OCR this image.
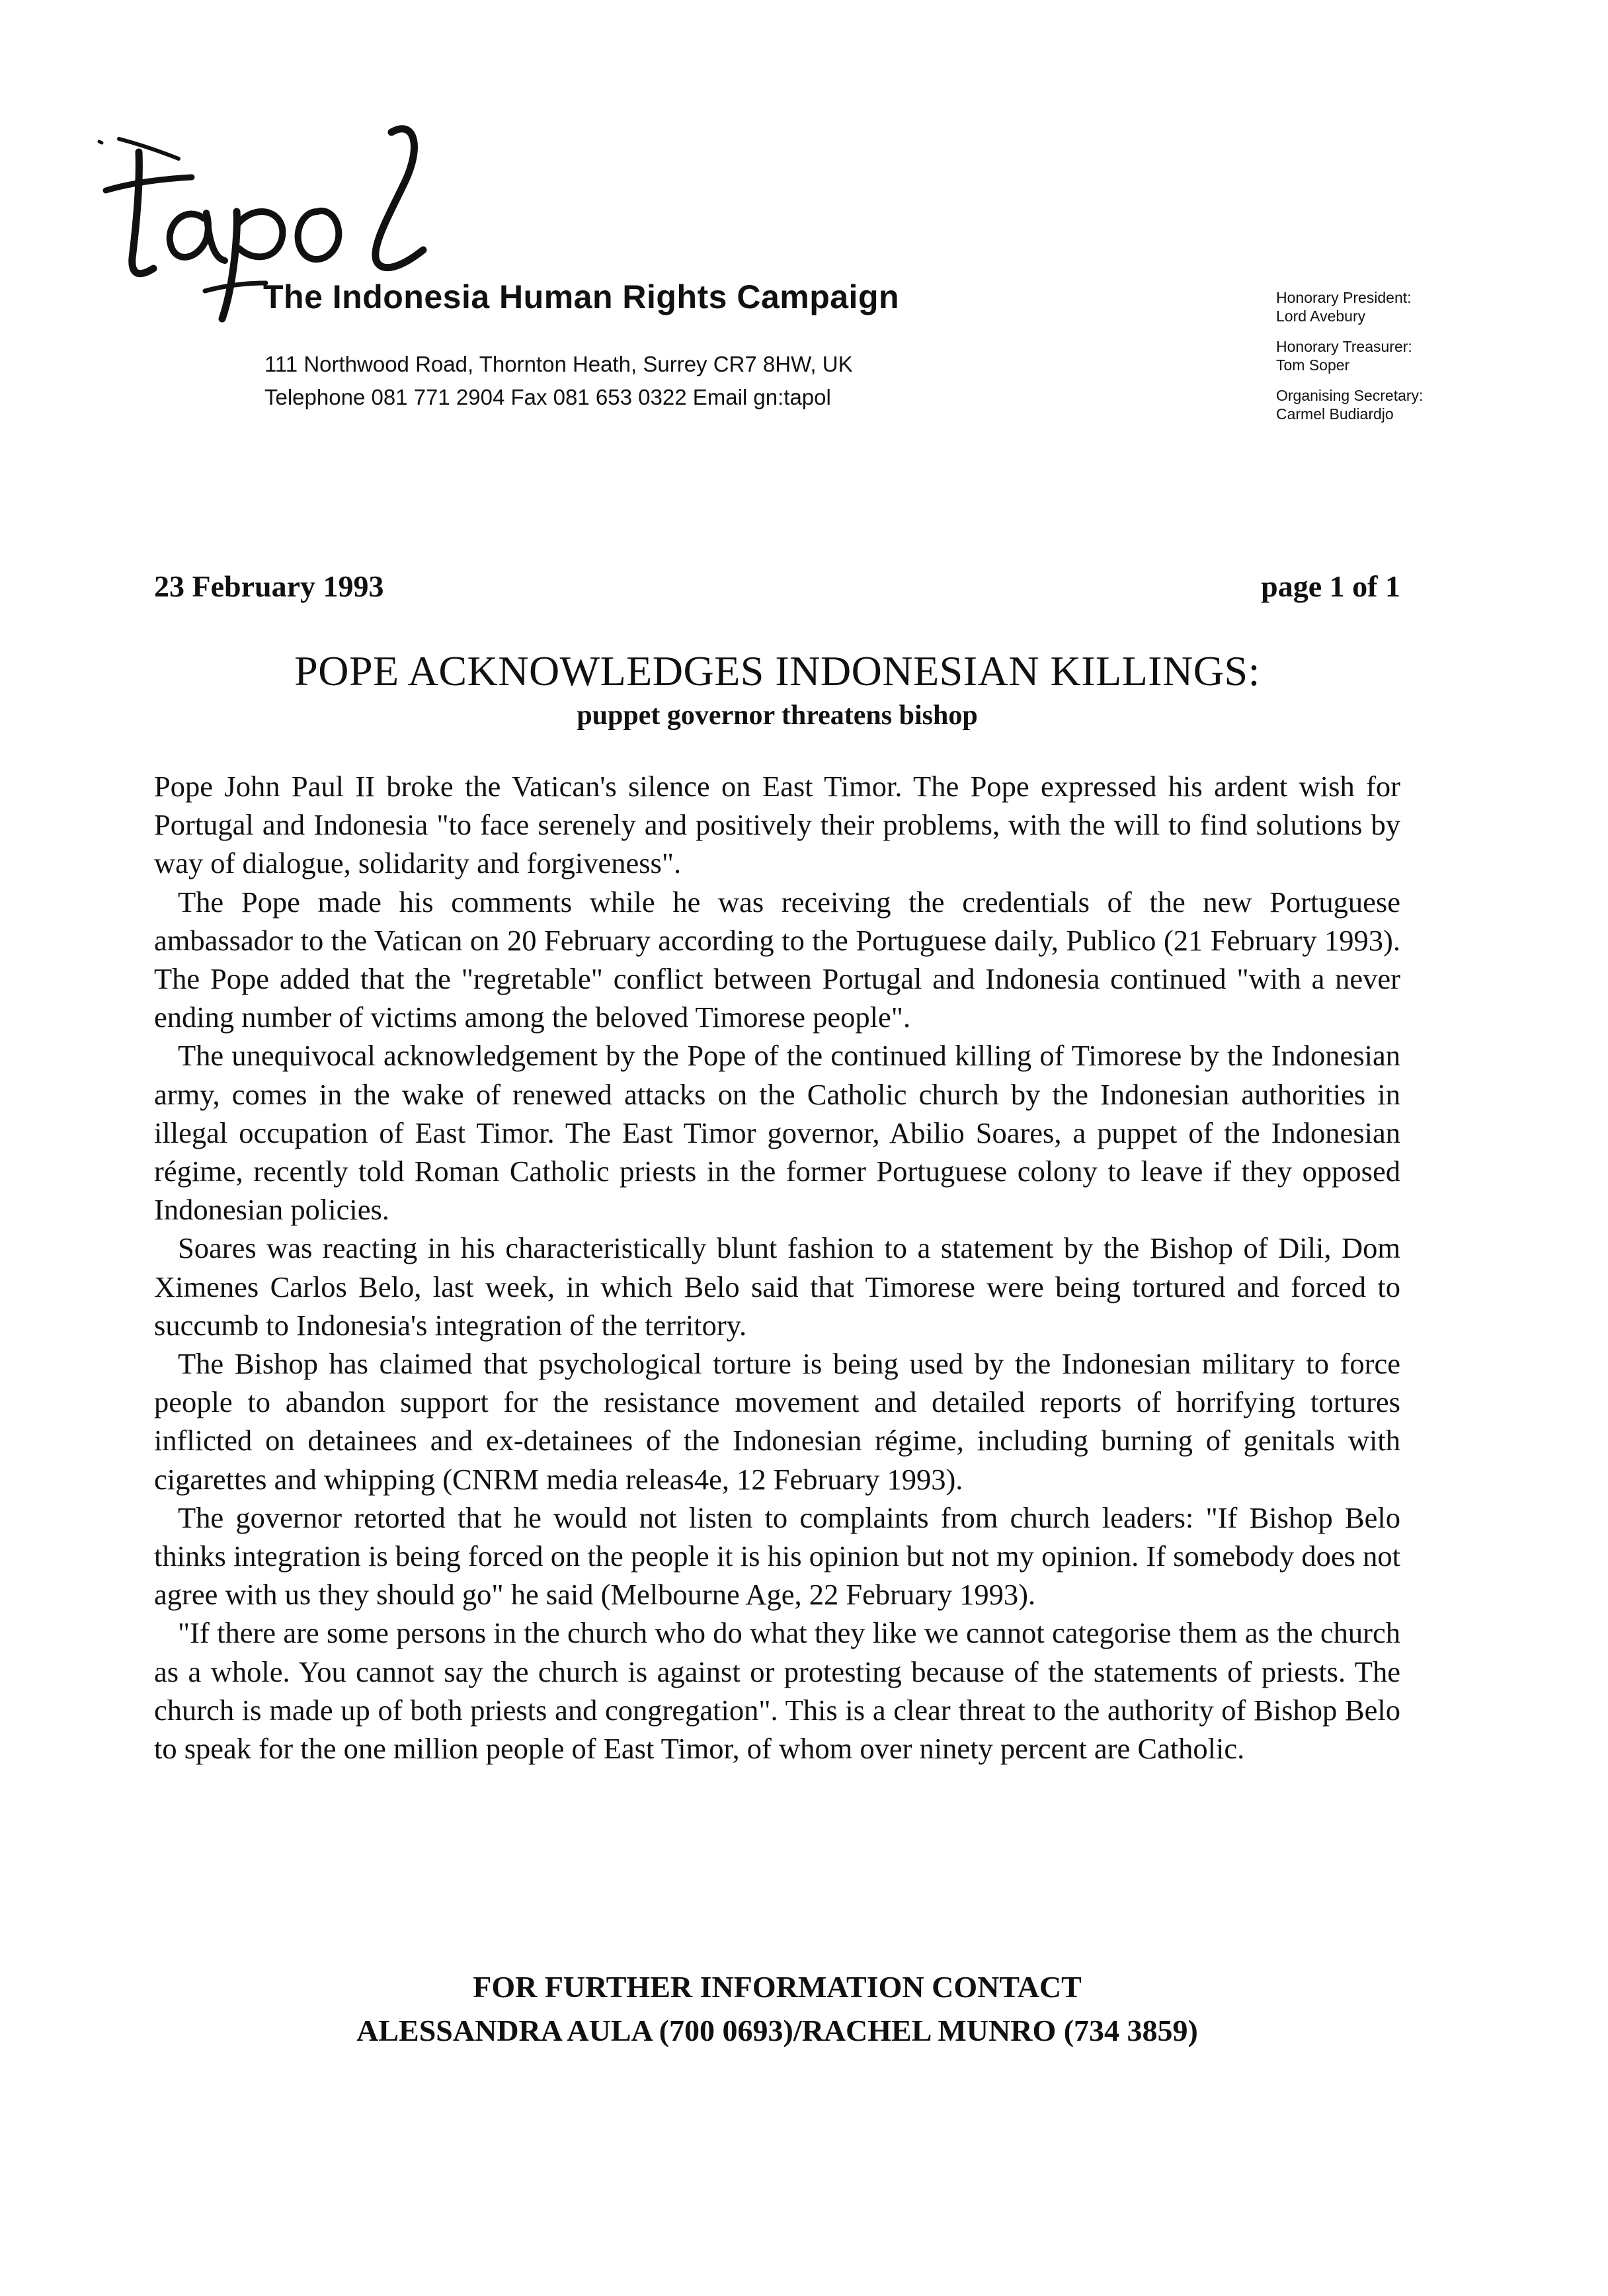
The Indonesia Human Rights Campaign
111 Northwood Road, Thornton Heath, Surrey CR7 8HW, UK
Telephone 081 771 2904 Fax 081 653 0322 Email gn:tapol
Honorary President:
Lord Avebury
Honorary Treasurer:
Tom Soper
Organising Secretary:
Carmel Budiardjo
23 February 1993	page 1 of 1
POPE ACKNOWLEDGES INDONESIAN KILLINGS:
puppet governor threatens bishop

Pope John Paul II broke the Vatican's silence on East Timor. The Pope expressed his ardent wish for Portugal and Indonesia "to face serenely and positively their problems, with the will to find solutions by way of dialogue, solidarity and forgiveness".

The Pope made his comments while he was receiving the credentials of the new Portuguese ambassador to the Vatican on 20 February according to the Portuguese daily, Publico (21 February 1993). The Pope added that the "regretable" conflict between Portugal and Indonesia continued "with a never ending number of victims among the beloved Timorese people".

The unequivocal acknowledgement by the Pope of the continued killing of Timorese by the Indonesian army, comes in the wake of renewed attacks on the Catholic church by the Indonesian authorities in illegal occupation of East Timor. The East Timor governor, Abilio Soares, a puppet of the Indonesian régime, recently told Roman Catholic priests in the former Portuguese colony to leave if they opposed Indonesian policies.

Soares was reacting in his characteristically blunt fashion to a statement by the Bishop of Dili, Dom Ximenes Carlos Belo, last week, in which Belo said that Timorese were being tortured and forced to succumb to Indonesia's integration of the territory.

The Bishop has claimed that psychological torture is being used by the Indonesian military to force people to abandon support for the resistance movement and detailed reports of horrifying tortures inflicted on detainees and ex-detainees of the Indonesian régime, including burning of genitals with cigarettes and whipping (CNRM media releas4e, 12 February 1993).

The governor retorted that he would not listen to complaints from church leaders: "If Bishop Belo thinks integration is being forced on the people it is his opinion but not my opinion. If somebody does not agree with us they should go" he said (Melbourne Age, 22 February 1993).

"If there are some persons in the church who do what they like we cannot categorise them as the church as a whole. You cannot say the church is against or protesting because of the statements of priests. The church is made up of both priests and congregation". This is a clear threat to the authority of Bishop Belo to speak for the one million people of East Timor, of whom over ninety percent are Catholic.

FOR FURTHER INFORMATION CONTACT
ALESSANDRA AULA (700 0693)/RACHEL MUNRO (734 3859)
